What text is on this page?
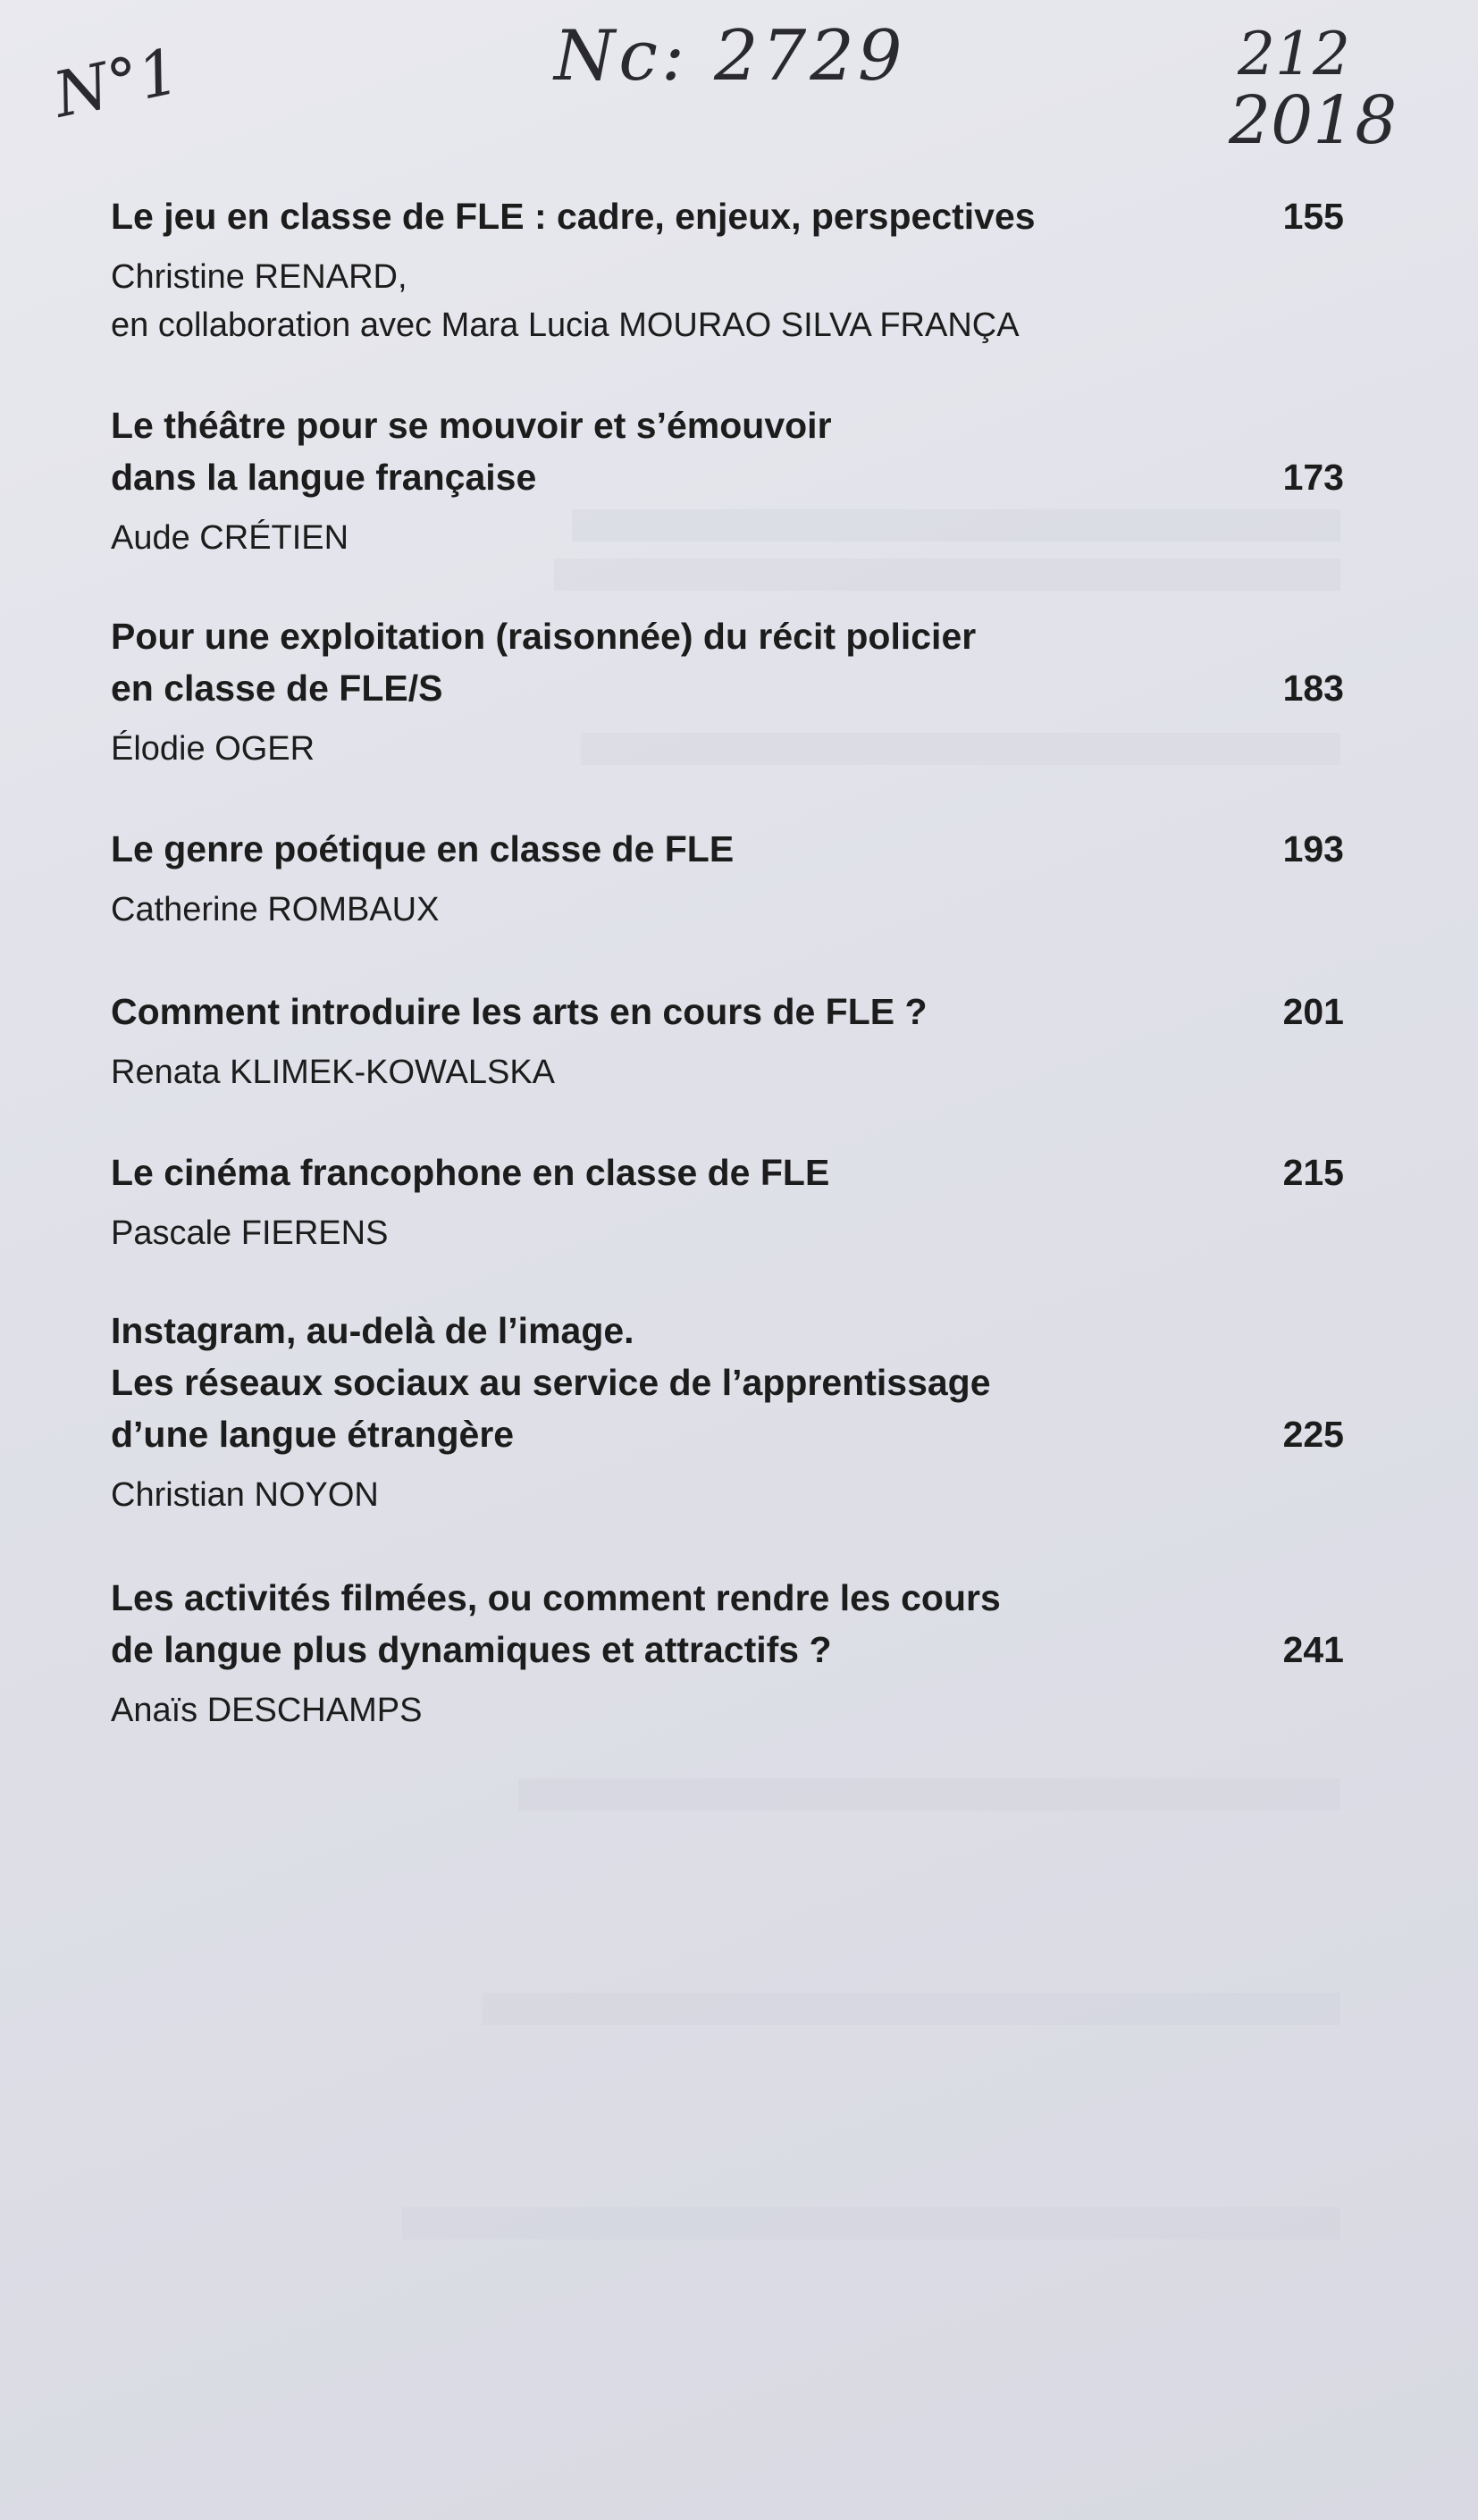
N°1	Nc: 2729	212
2018
Le jeu en classe de FLE : cadre, enjeux, perspectives	155
Christine RENARD,
en collaboration avec Mara Lucia MOURAO SILVA FRANÇA
Le théâtre pour se mouvoir et s’émouvoir
dans la langue française	173
Aude CRÉTIEN
Pour une exploitation (raisonnée) du récit policier
en classe de FLE/S	183
Élodie OGER
Le genre poétique en classe de FLE	193
Catherine ROMBAUX
Comment introduire les arts en cours de FLE ?	201
Renata KLIMEK-KOWALSKA
Le cinéma francophone en classe de FLE	215
Pascale FIERENS
Instagram, au-delà de l’image.
Les réseaux sociaux au service de l’apprentissage
d’une langue étrangère	225
Christian NOYON
Les activités filmées, ou comment rendre les cours
de langue plus dynamiques et attractifs ?	241
Anaïs DESCHAMPS
